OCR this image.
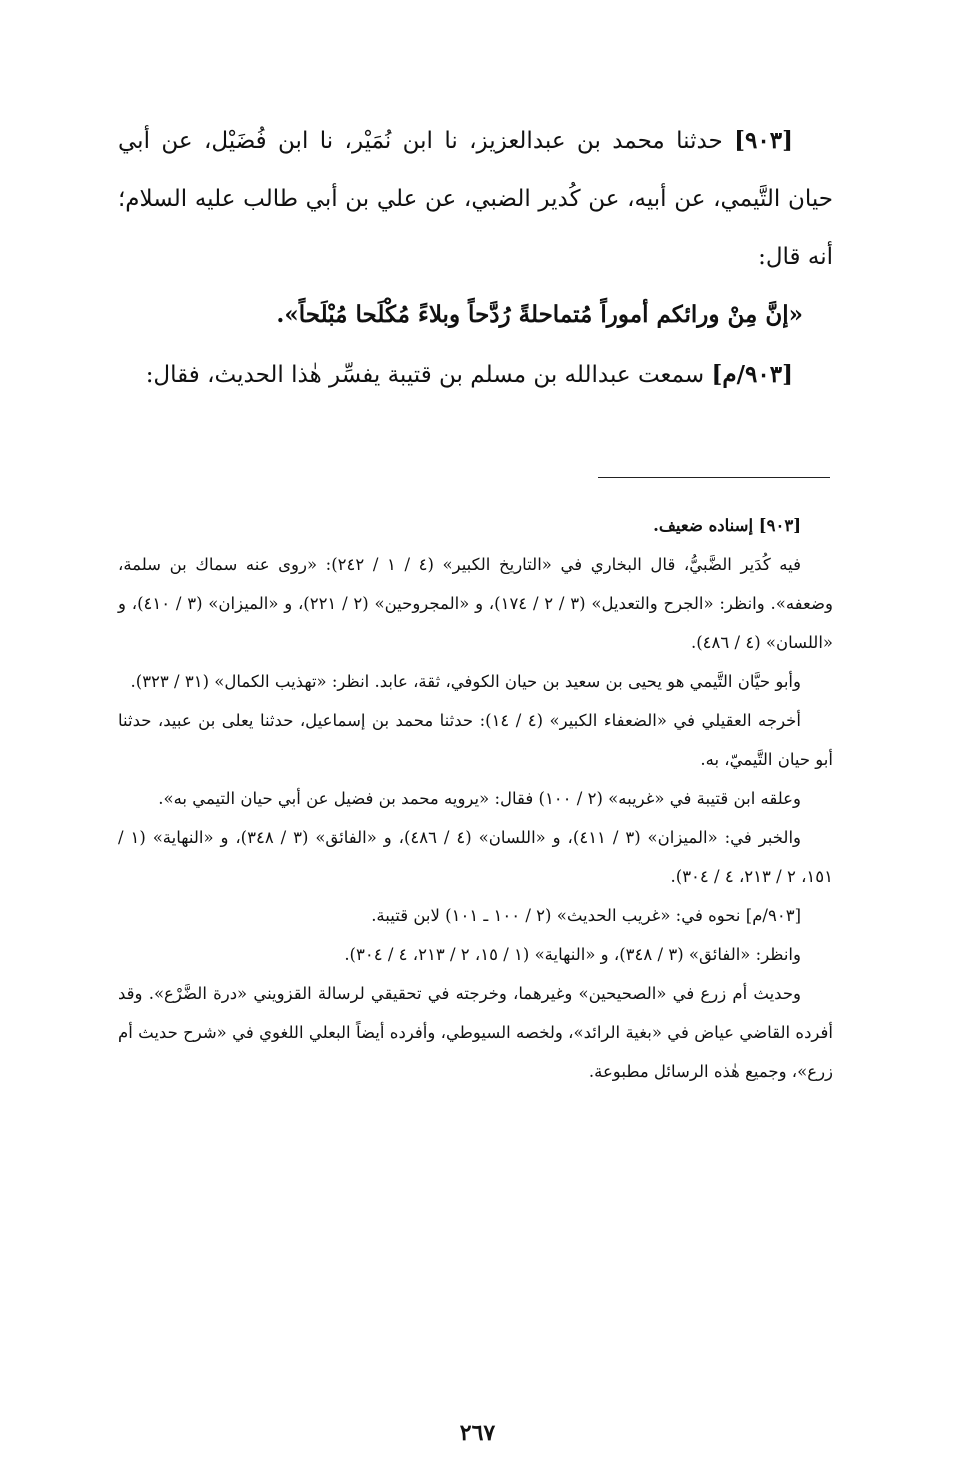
[٩٠٣] حدثنا محمد بن عبدالعزيز، نا ابن نُمَيْر، نا ابن فُضَيْل، عن أبي حيان التَّيمي، عن أبيه، عن كُدير الضبي، عن علي بن أبي طالب عليه السلام؛ أنه قال:

«إنَّ مِنْ ورائكم أموراً مُتماحلةً رُدَّحاً وبلاءً مُكْلَحا مُبْلَحاً».

[٩٠٣/م] سمعت عبدالله بن مسلم بن قتيبة يفسِّر هٰذا الحديث، فقال:

[٩٠٣] إسناده ضعيف.

فيه كُدَير الضَّبيُّ، قال البخاري في «التاريخ الكبير» (٤ / ١ / ٢٤٢): «روى عنه سماك بن سلمة، وضعفه». وانظر: «الجرح والتعديل» (٣ / ٢ / ١٧٤)، و «المجروحين» (٢ / ٢٢١)، و «الميزان» (٣ / ٤١٠)، و «اللسان» (٤ / ٤٨٦).

وأبو حيَّان التَّيمي هو يحيى بن سعيد بن حيان الكوفي، ثقة، عابد. انظر: «تهذيب الكمال» (٣١ / ٣٢٣).

أخرجه العقيلي في «الضعفاء الكبير» (٤ / ١٤): حدثنا محمد بن إسماعيل، حدثنا يعلى بن عبيد، حدثنا أبو حيان التَّيميّ، به.

وعلقه ابن قتيبة في «غريبه» (٢ / ١٠٠) فقال: «يرويه محمد بن فضيل عن أبي حيان التيمي به».

والخبر في: «الميزان» (٣ / ٤١١)، و «اللسان» (٤ / ٤٨٦)، و «الفائق» (٣ / ٣٤٨)، و «النهاية» (١ / ١٥١، ٢ / ٢١٣، ٤ / ٣٠٤).

[٩٠٣/م] نحوه في: «غريب الحديث» (٢ / ١٠٠ ـ ١٠١) لابن قتيبة.

وانظر: «الفائق» (٣ / ٣٤٨)، و «النهاية» (١ / ١٥، ٢ / ٢١٣، ٤ / ٣٠٤).

وحديث أم زرع في «الصحيحين» وغيرهما، وخرجته في تحقيقي لرسالة القزويني «درة الضَّرْع». وقد أفرده القاضي عياض في «بغية الرائد»، ولخصه السيوطي، وأفرده أيضاً البعلي اللغوي في «شرح حديث أم زرع»، وجميع هٰذه الرسائل مطبوعة.

٢٦٧
